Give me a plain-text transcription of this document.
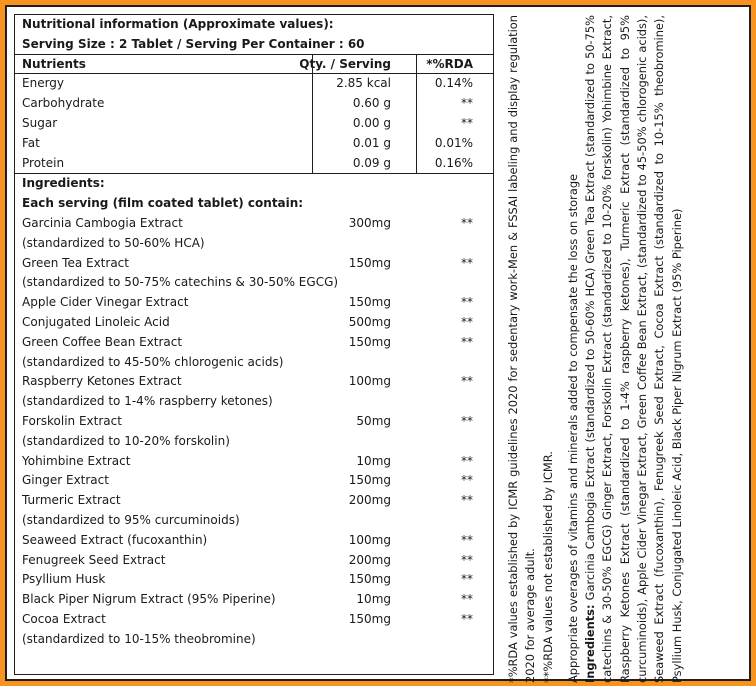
Nutritional information (Approximate values):
Serving Size : 2 Tablet / Serving Per Container : 60
Nutrients	Qty. / Serving	*%RDA
Energy	2.85 kcal	0.14%
Carbohydrate	0.60 g	**
Sugar	0.00 g	**
Fat	0.01 g	0.01%
Protein	0.09 g	0.16%
Ingredients:
Each serving (film coated tablet) contain:
Garcinia Cambogia Extract	300mg	**
(standardized to 50-60% HCA)
Green Tea Extract	150mg	**
(standardized to 50-75% catechins & 30-50% EGCG)
Apple Cider Vinegar Extract	150mg	**
Conjugated Linoleic Acid	500mg	**
Green Coffee Bean Extract	150mg	**
(standardized to 45-50% chlorogenic acids)
Raspberry Ketones Extract	100mg	**
(standardized to 1-4% raspberry ketones)
Forskolin Extract	50mg	**
(standardized to 10-20% forskolin)
Yohimbine Extract	10mg	**
Ginger Extract	150mg	**
Turmeric Extract	200mg	**
(standardized to 95% curcuminoids)
Seaweed Extract (fucoxanthin)	100mg	**
Fenugreek Seed Extract	200mg	**
Psyllium Husk	150mg	**
Black Piper Nigrum Extract (95% Piperine)	10mg	**
Cocoa Extract	150mg	**
(standardized to 10-15% theobromine)	*%RDA values established by ICMR guidelines 2020 for sedentary work-Men & FSSAI labeling and display regulation 2020 for average adult. **%RDA values not established by ICMR. Appropriate overages of vitamins and minerals added to compensate the loss on storage Ingredients: Garcinia Cambogia Extract (standardized to 50-60% HCA) Green Tea Extract (standardized to 50-75% catechins & 30-50% EGCG) Ginger Extract, Forskolin Extract (standardized to 10-20% forskolin) Yohimbine Extract, Raspberry Ketones Extract (standardized to 1-4% raspberry ketones), Turmeric Extract (standardized to 95% curcuminoids), Apple Cider Vinegar Extract, Green Coffee Bean Extract, (standardized to 45-50% chlorogenic acids), Seaweed Extract (fucoxanthin), Fenugreek Seed Extract, Cocoa Extract (standardized to 10-15% theobromine), Psyllium Husk, Conjugated Linoleic Acid, Black Piper Nigrum Extract (95% Piperine)
